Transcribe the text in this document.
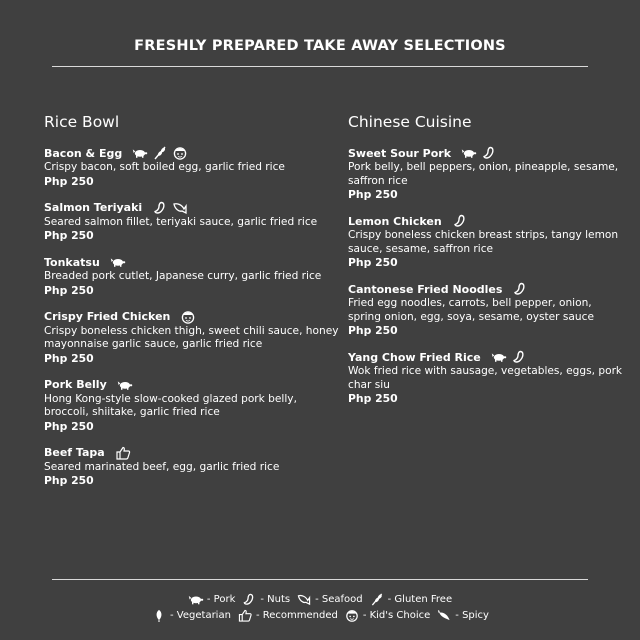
FRESHLY PREPARED TAKE AWAY SELECTIONS
Rice Bowl
Bacon & Egg
Crispy bacon, soft boiled egg, garlic fried rice
Php 250
Salmon Teriyaki
Seared salmon fillet, teriyaki sauce, garlic fried rice
Php 250
Tonkatsu
Breaded pork cutlet, Japanese curry, garlic fried rice
Php 250
Crispy Fried Chicken
Crispy boneless chicken thigh, sweet chili sauce, honey mayonnaise garlic sauce, garlic fried rice
Php 250
Pork Belly
Hong Kong-style slow-cooked glazed pork belly, broccoli, shiitake, garlic fried rice
Php 250
Beef Tapa
Seared marinated beef, egg, garlic fried rice
Php 250
Chinese Cuisine
Sweet Sour Pork
Pork belly, bell peppers, onion, pineapple, sesame, saffron rice
Php 250
Lemon Chicken
Crispy boneless chicken breast strips, tangy lemon sauce, sesame, saffron rice
Php 250
Cantonese Fried Noodles
Fried egg noodles, carrots, bell pepper, onion, spring onion, egg, soya, sesame, oyster sauce
Php 250
Yang Chow Fried Rice
Wok fried rice with sausage, vegetables, eggs, pork char siu
Php 250
- Pork	- Nuts	- Seafood	- Gluten Free
- Vegetarian	- Recommended	- Kid's Choice	- Spicy
